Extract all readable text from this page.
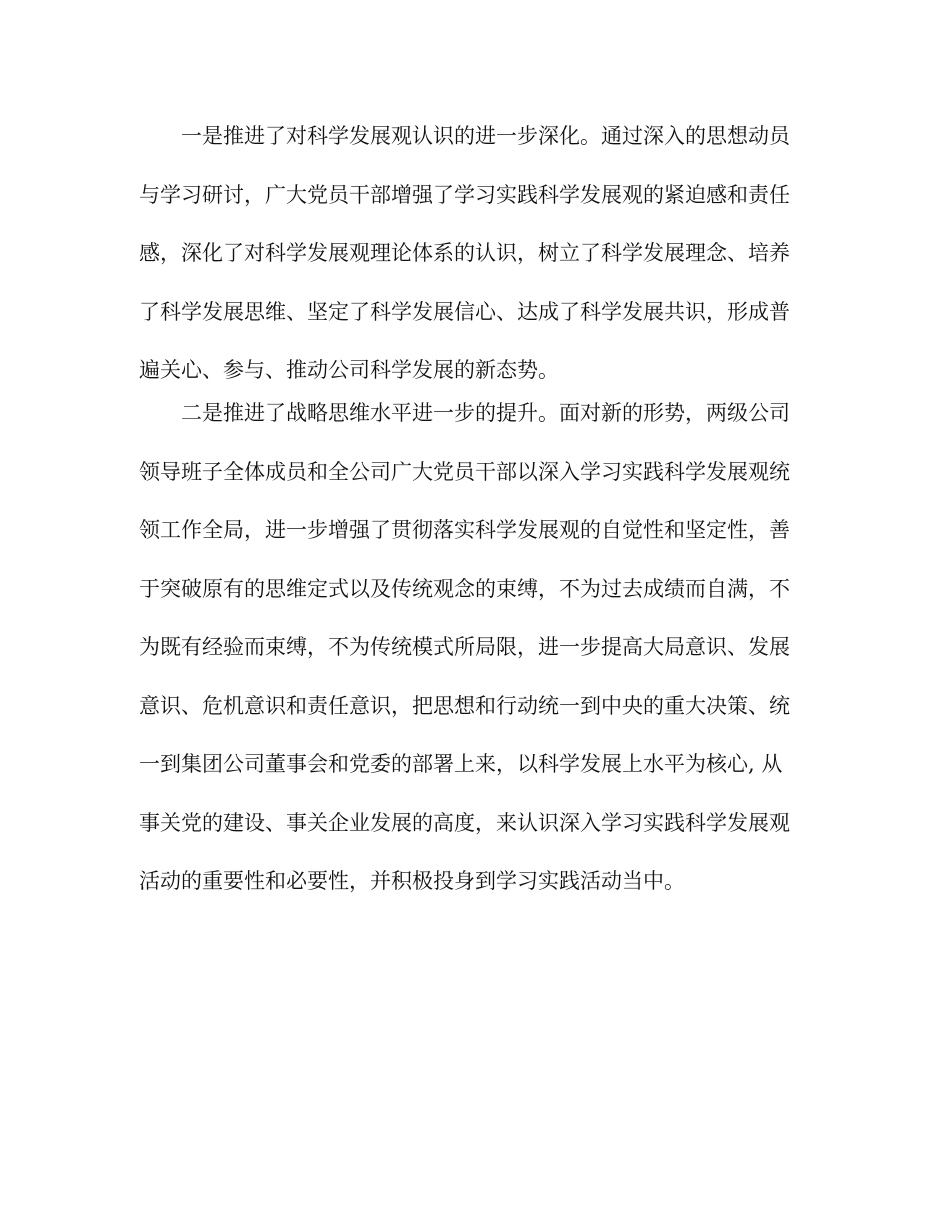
一是推进了对科学发展观认识的进一步深化。通过深入的思想动员
与学习研讨，广大党员干部增强了学习实践科学发展观的紧迫感和责任
感，深化了对科学发展观理论体系的认识，树立了科学发展理念、培养
了科学发展思维、坚定了科学发展信心、达成了科学发展共识，形成普
遍关心、参与、推动公司科学发展的新态势。
二是推进了战略思维水平进一步的提升。面对新的形势，两级公司
领导班子全体成员和全公司广大党员干部以深入学习实践科学发展观统
领工作全局，进一步增强了贯彻落实科学发展观的自觉性和坚定性，善
于突破原有的思维定式以及传统观念的束缚，不为过去成绩而自满，不
为既有经验而束缚，不为传统模式所局限，进一步提高大局意识、发展
意识、危机意识和责任意识，把思想和行动统一到中央的重大决策、统
一到集团公司董事会和党委的部署上来，以科学发展上水平为核心, 从
事关党的建设、事关企业发展的高度，来认识深入学习实践科学发展观
活动的重要性和必要性，并积极投身到学习实践活动当中。
